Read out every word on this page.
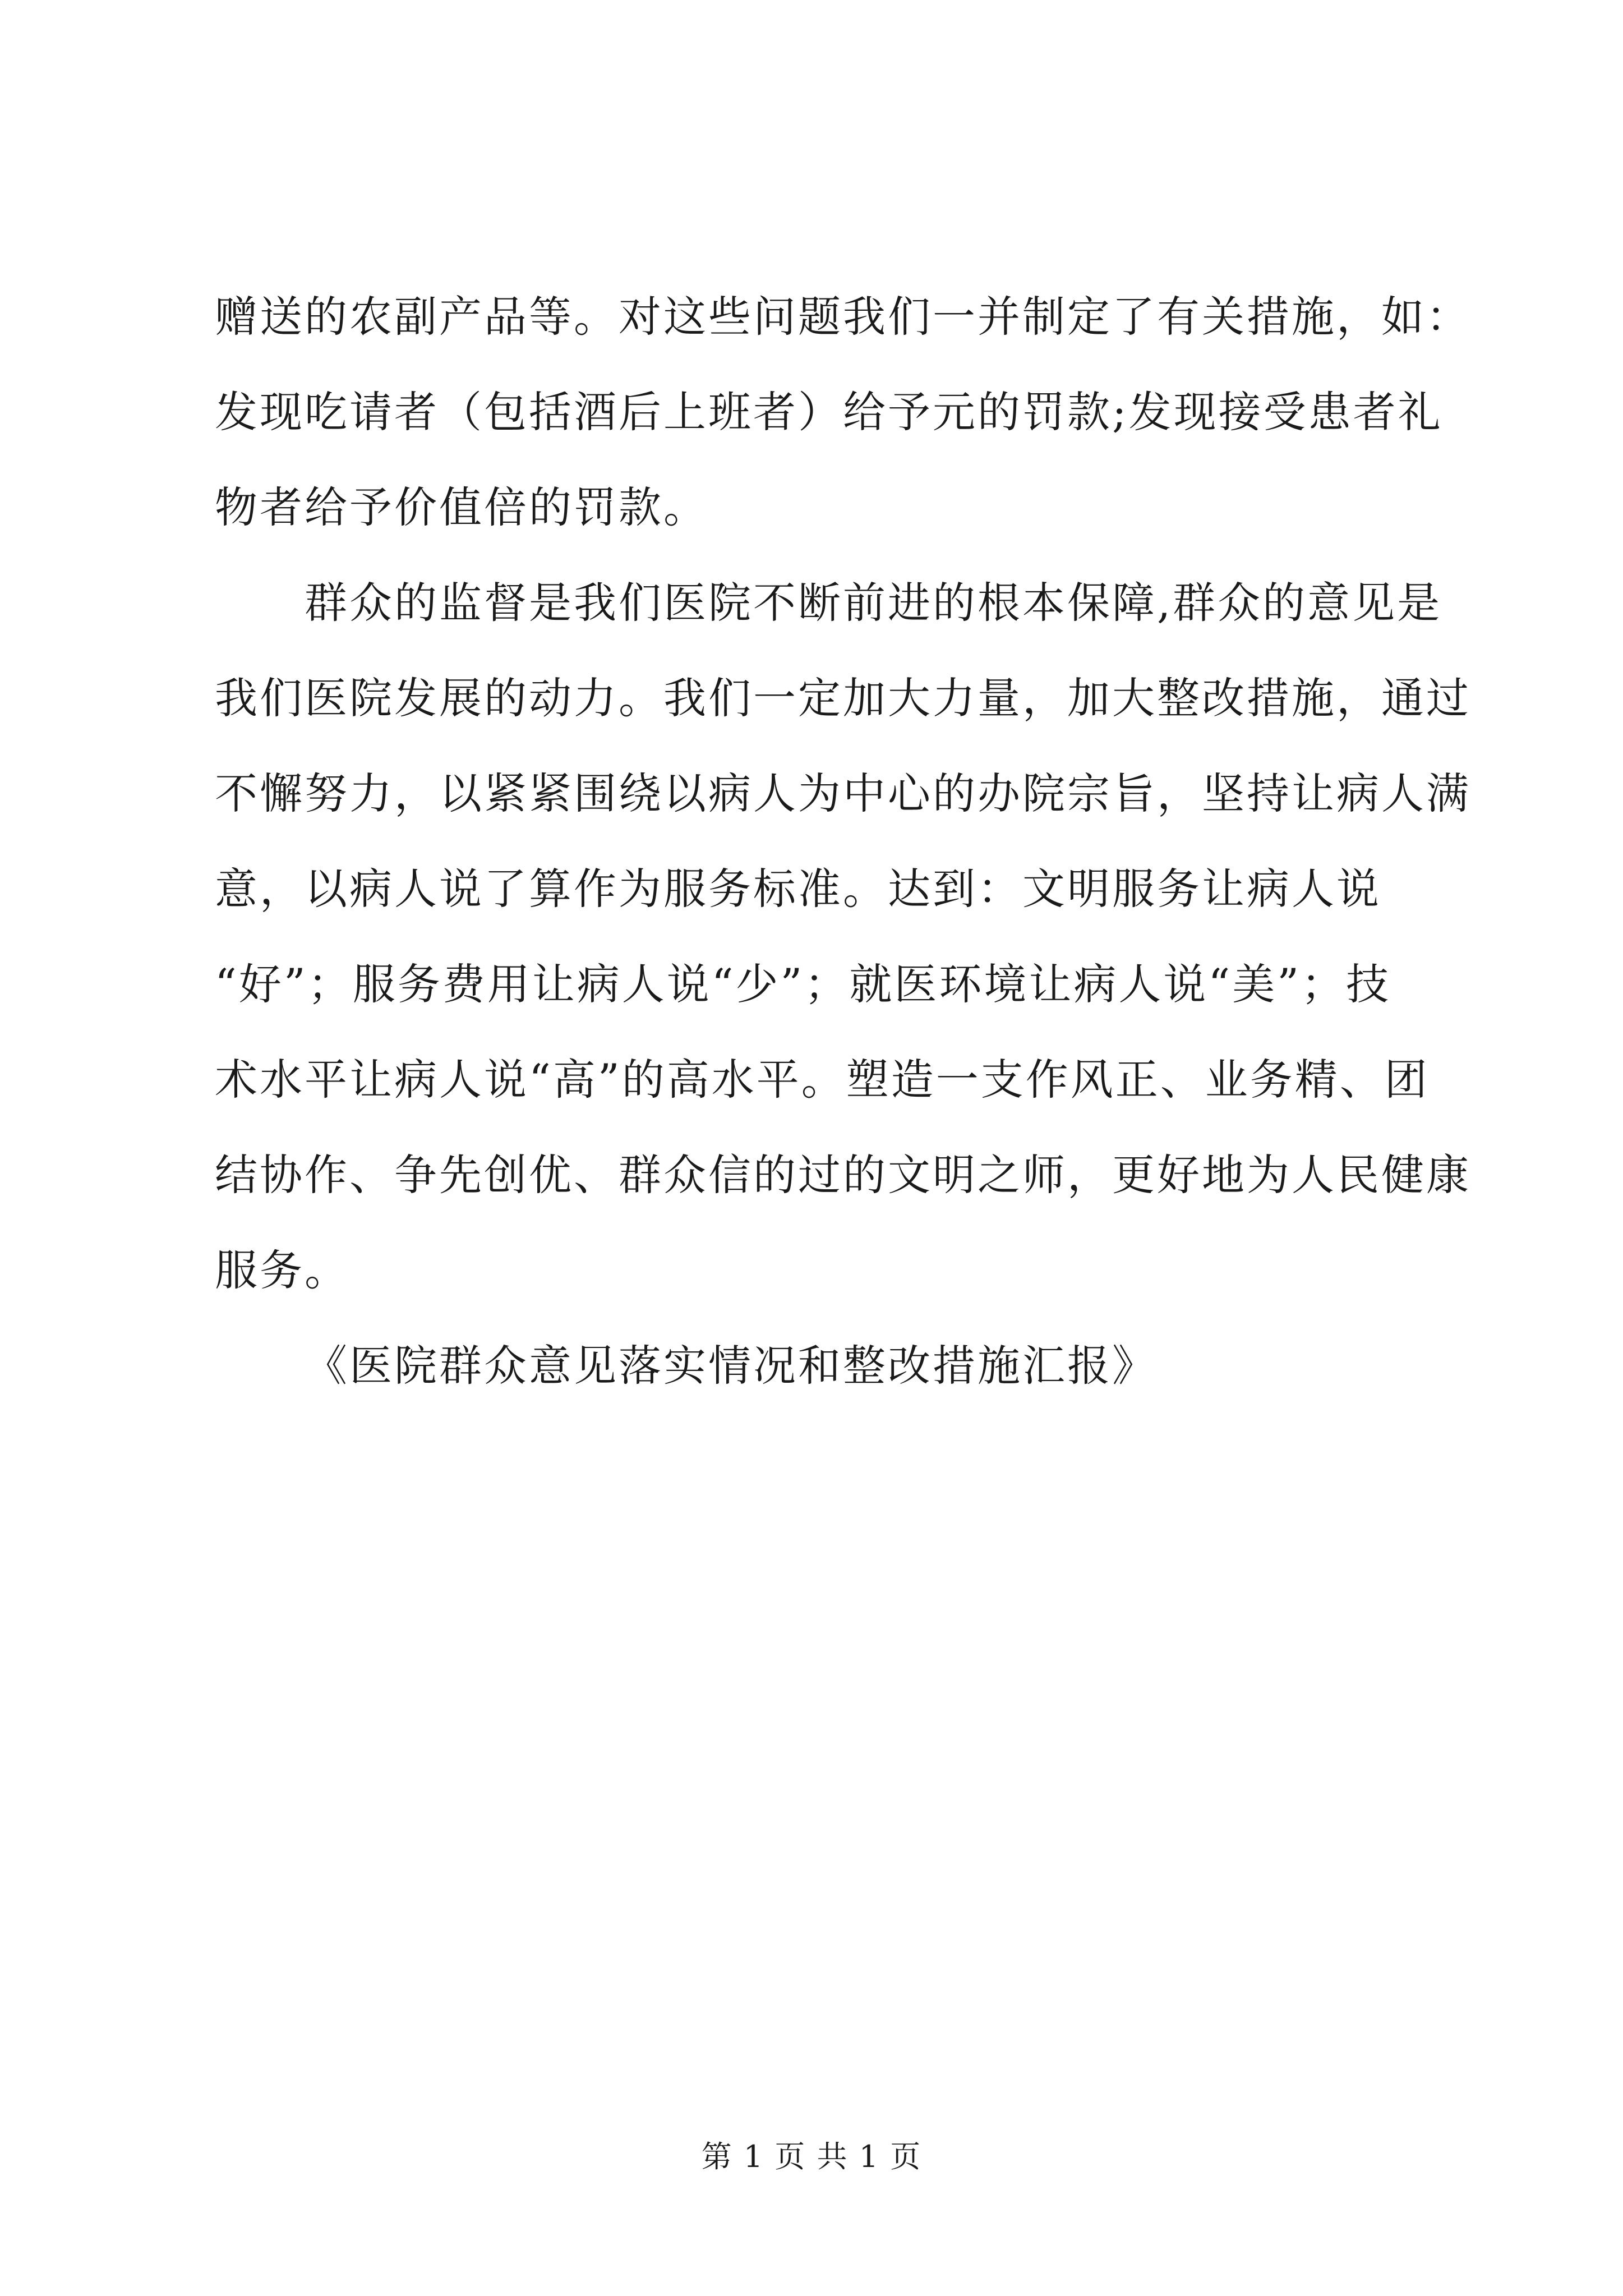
赠送的农副产品等。对这些问题我们一并制定了有关措施，如：
发现吃请者（包括酒后上班者）给予元的罚款;发现接受患者礼
物者给予价值倍的罚款。
群众的监督是我们医院不断前进的根本保障,群众的意见是
我们医院发展的动力。我们一定加大力量，加大整改措施，通过
不懈努力，以紧紧围绕以病人为中心的办院宗旨，坚持让病人满
意，以病人说了算作为服务标准。达到：文明服务让病人说
“好”；服务费用让病人说“少”；就医环境让病人说“美”；技
术水平让病人说“高”的高水平。塑造一支作风正、业务精、团
结协作、争先创优、群众信的过的文明之师，更好地为人民健康
服务。
《医院群众意见落实情况和整改措施汇报》
第 1 页 共 1 页
